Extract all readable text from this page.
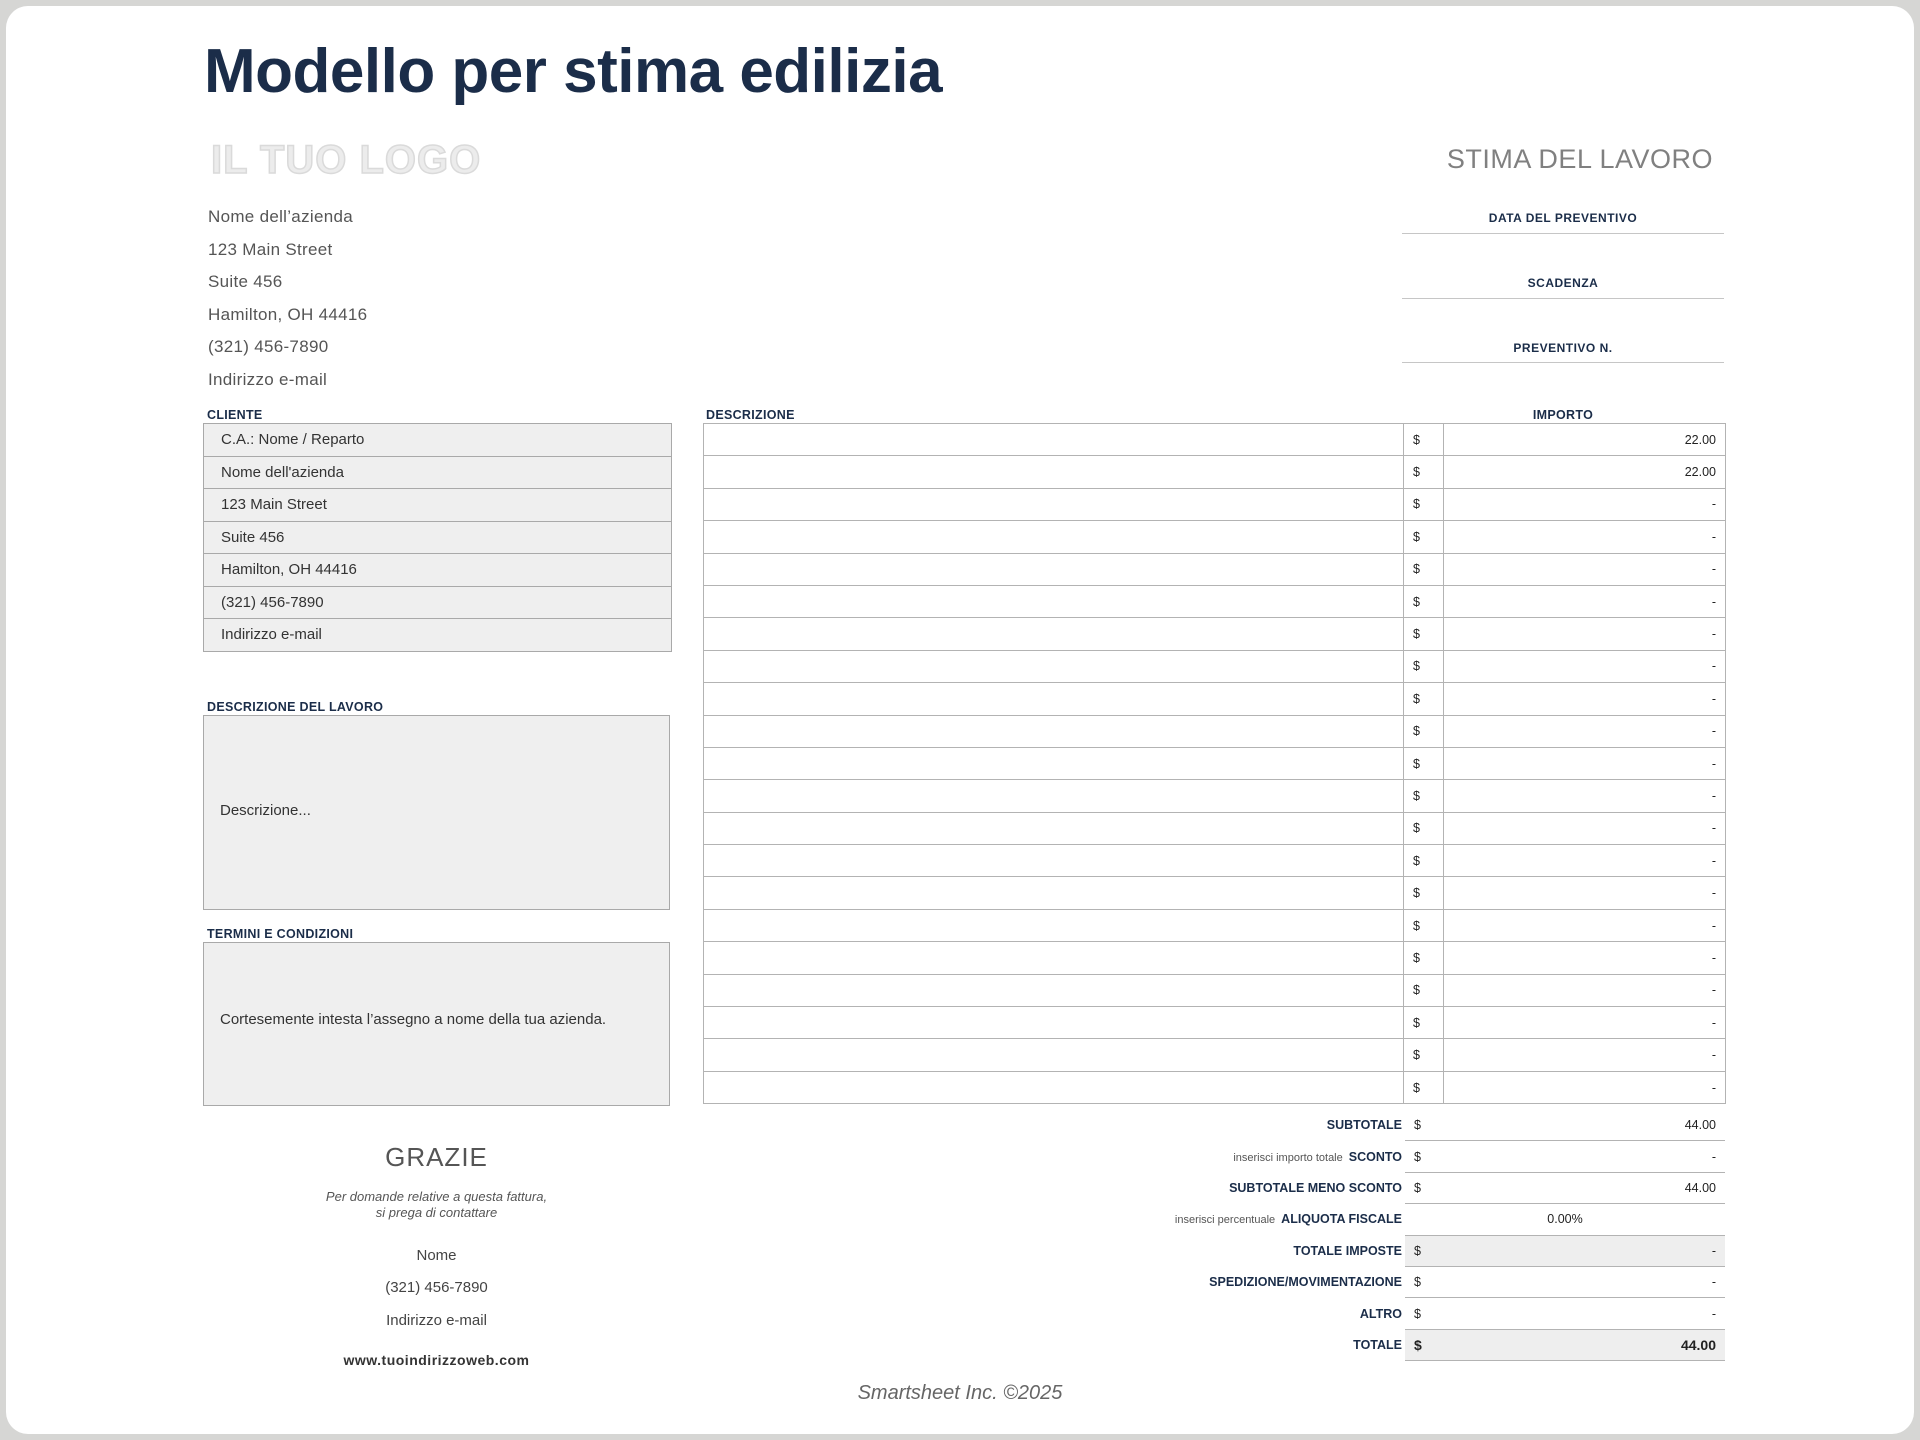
Modello per stima edilizia
IL TUO LOGO	STIMA DEL LAVORO
Nome dell’azienda
123 Main Street
Suite 456
Hamilton, OH 44416
(321) 456-7890
Indirizzo e-mail
DATA DEL PREVENTIVO
SCADENZA
PREVENTIVO N.
CLIENTE
C.A.: Nome / Reparto
Nome dell'azienda
123 Main Street
Suite 456
Hamilton, OH 44416
(321) 456-7890
Indirizzo e-mail
DESCRIZIONE DEL LAVORO
Descrizione...
TERMINI E CONDIZIONI
Cortesemente intesta l’assegno a nome della tua azienda.
DESCRIZIONE	IMPORTO
	$	22.00
	$	22.00
	$	-
	$	-
	$	-
	$	-
	$	-
	$	-
	$	-
	$	-
	$	-
	$	-
	$	-
	$	-
	$	-
	$	-
	$	-
	$	-
	$	-
	$	-
	$	-
SUBTOTALE	$	44.00
inserisci importo totale SCONTO	$	-
SUBTOTALE MENO SCONTO	$	44.00
inserisci percentuale ALIQUOTA FISCALE	0.00%	
TOTALE IMPOSTE	$	-
SPEDIZIONE/MOVIMENTAZIONE	$	-
ALTRO	$	-
TOTALE	$	44.00
GRAZIE
Per domande relative a questa fattura,
si prega di contattare
Nome
(321) 456-7890
Indirizzo e-mail
www.tuoindirizzoweb.com
Smartsheet Inc. ©2025
